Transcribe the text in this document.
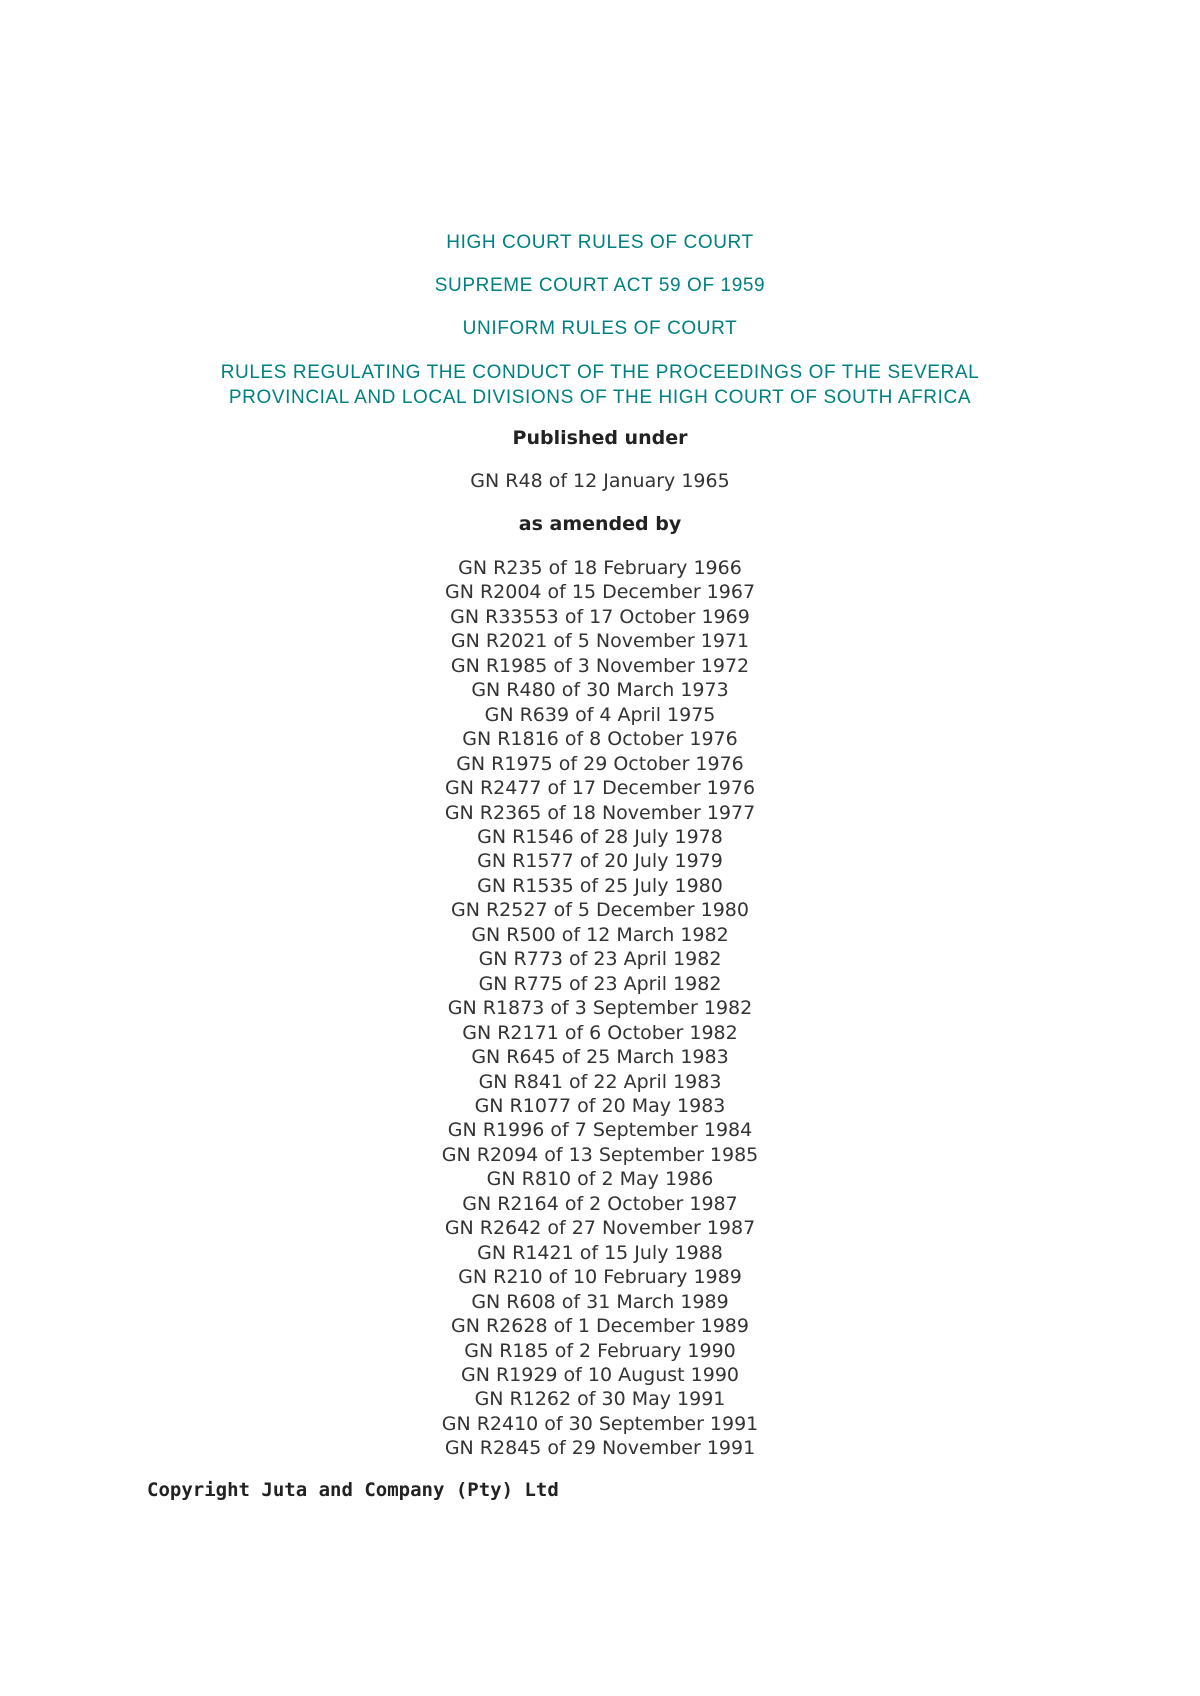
HIGH COURT RULES OF COURT
SUPREME COURT ACT 59 OF 1959
UNIFORM RULES OF COURT
RULES REGULATING THE CONDUCT OF THE PROCEEDINGS OF THE SEVERAL
PROVINCIAL AND LOCAL DIVISIONS OF THE HIGH COURT OF SOUTH AFRICA
Published under
GN R48 of 12 January 1965
as amended by
GN R235 of 18 February 1966
GN R2004 of 15 December 1967
GN R33553 of 17 October 1969
GN R2021 of 5 November 1971
GN R1985 of 3 November 1972
GN R480 of 30 March 1973
GN R639 of 4 April 1975
GN R1816 of 8 October 1976
GN R1975 of 29 October 1976
GN R2477 of 17 December 1976
GN R2365 of 18 November 1977
GN R1546 of 28 July 1978
GN R1577 of 20 July 1979
GN R1535 of 25 July 1980
GN R2527 of 5 December 1980
GN R500 of 12 March 1982
GN R773 of 23 April 1982
GN R775 of 23 April 1982
GN R1873 of 3 September 1982
GN R2171 of 6 October 1982
GN R645 of 25 March 1983
GN R841 of 22 April 1983
GN R1077 of 20 May 1983
GN R1996 of 7 September 1984
GN R2094 of 13 September 1985
GN R810 of 2 May 1986
GN R2164 of 2 October 1987
GN R2642 of 27 November 1987
GN R1421 of 15 July 1988
GN R210 of 10 February 1989
GN R608 of 31 March 1989
GN R2628 of 1 December 1989
GN R185 of 2 February 1990
GN R1929 of 10 August 1990
GN R1262 of 30 May 1991
GN R2410 of 30 September 1991
GN R2845 of 29 November 1991
Copyright Juta and Company (Pty) Ltd
